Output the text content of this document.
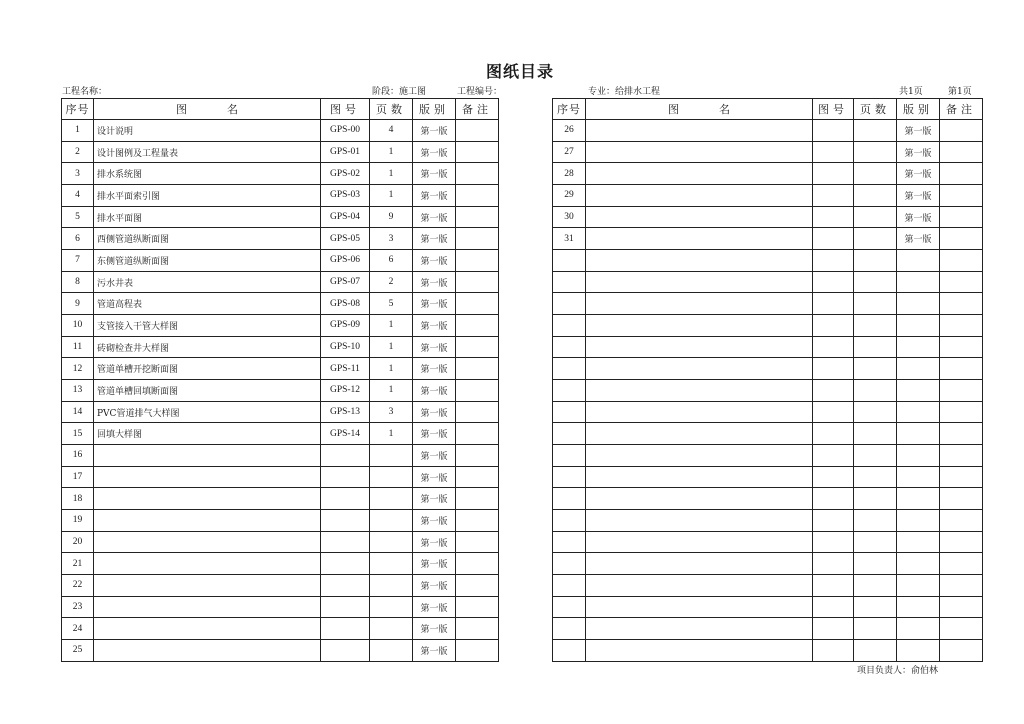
图纸目录
工程名称：	阶段：施工图	工程编号：	专业：给排水工程	共1页	第1页
序号	图名	图号	页数	版别	备注
1	设计说明	GPS-00	4	第一版	
2	设计图例及工程量表	GPS-01	1	第一版	
3	排水系统图	GPS-02	1	第一版	
4	排水平面索引图	GPS-03	1	第一版	
5	排水平面图	GPS-04	9	第一版	
6	西侧管道纵断面图	GPS-05	3	第一版	
7	东侧管道纵断面图	GPS-06	6	第一版	
8	污水井表	GPS-07	2	第一版	
9	管道高程表	GPS-08	5	第一版	
10	支管接入干管大样图	GPS-09	1	第一版	
11	砖砌检查井大样图	GPS-10	1	第一版	
12	管道单槽开挖断面图	GPS-11	1	第一版	
13	管道单槽回填断面图	GPS-12	1	第一版	
14	PVC管道排气大样图	GPS-13	3	第一版	
15	回填大样图	GPS-14	1	第一版	
16				第一版	
17				第一版	
18				第一版	
19				第一版	
20				第一版	
21				第一版	
22				第一版	
23				第一版	
24				第一版	
25				第一版	
序号	图名	图号	页数	版别	备注
26				第一版	
27				第一版	
28				第一版	
29				第一版	
30				第一版	
31				第一版	

项目负责人：俞伯林
